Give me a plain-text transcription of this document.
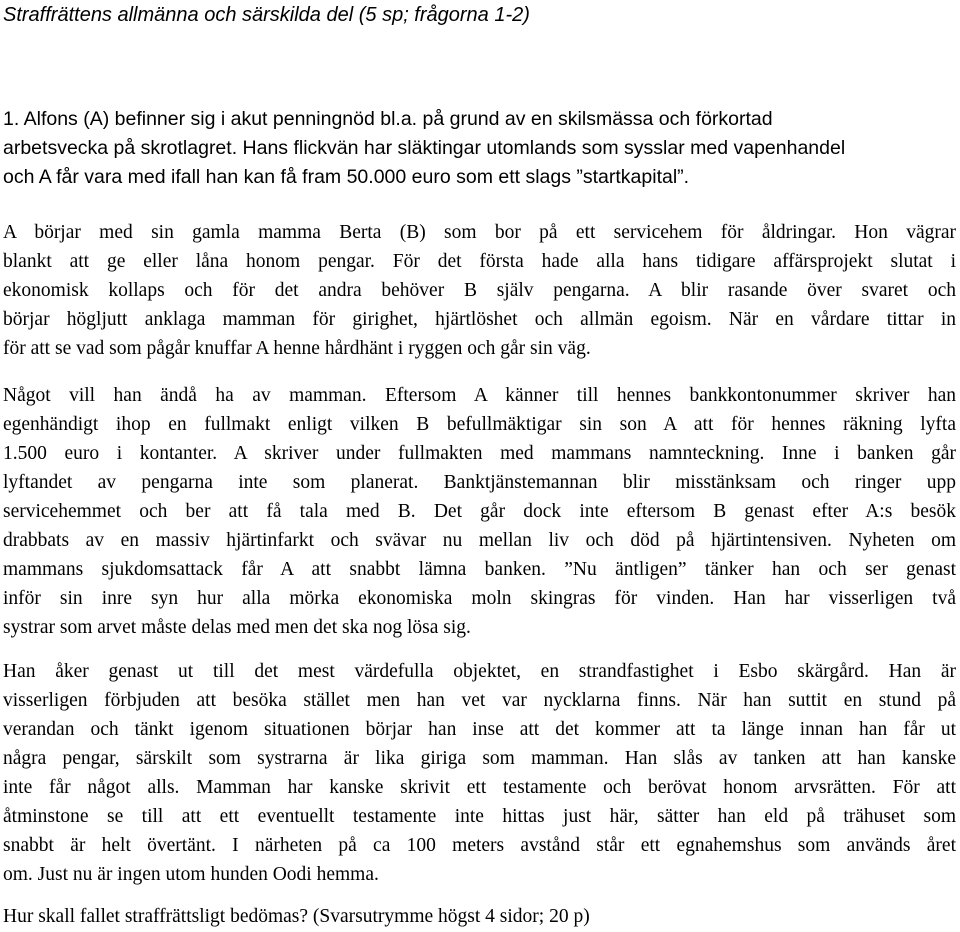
Straffrättens allmänna och särskilda del (5 sp; frågorna 1-2)

1. Alfons (A) befinner sig i akut penningnöd bl.a. på grund av en skilsmässa och förkortad
arbetsvecka på skrotlagret. Hans flickvän har släktingar utomlands som sysslar med vapenhandel
och A får vara med ifall han kan få fram 50.000 euro som ett slags ”startkapital”.

A börjar med sin gamla mamma Berta (B) som bor på ett servicehem för åldringar. Hon vägrar
blankt att ge eller låna honom pengar. För det första hade alla hans tidigare affärsprojekt slutat i
ekonomisk kollaps och för det andra behöver B själv pengarna. A blir rasande över svaret och
börjar högljutt anklaga mamman för girighet, hjärtlöshet och allmän egoism. När en vårdare tittar in
för att se vad som pågår knuffar A henne hårdhänt i ryggen och går sin väg.

Något vill han ändå ha av mamman. Eftersom A känner till hennes bankkontonummer skriver han
egenhändigt ihop en fullmakt enligt vilken B befullmäktigar sin son A att för hennes räkning lyfta
1.500 euro i kontanter. A skriver under fullmakten med mammans namnteckning. Inne i banken går
lyftandet av pengarna inte som planerat. Banktjänstemannan blir misstänksam och ringer upp
servicehemmet och ber att få tala med B. Det går dock inte eftersom B genast efter A:s besök
drabbats av en massiv hjärtinfarkt och svävar nu mellan liv och död på hjärtintensiven. Nyheten om
mammans sjukdomsattack får A att snabbt lämna banken. ”Nu äntligen” tänker han och ser genast
inför sin inre syn hur alla mörka ekonomiska moln skingras för vinden. Han har visserligen två
systrar som arvet måste delas med men det ska nog lösa sig.

Han åker genast ut till det mest värdefulla objektet, en strandfastighet i Esbo skärgård. Han är
visserligen förbjuden att besöka stället men han vet var nycklarna finns. När han suttit en stund på
verandan och tänkt igenom situationen börjar han inse att det kommer att ta länge innan han får ut
några pengar, särskilt som systrarna är lika giriga som mamman. Han slås av tanken att han kanske
inte får något alls. Mamman har kanske skrivit ett testamente och berövat honom arvsrätten. För att
åtminstone se till att ett eventuellt testamente inte hittas just här, sätter han eld på trähuset som
snabbt är helt övertänt. I närheten på ca 100 meters avstånd står ett egnahemshus som används året
om. Just nu är ingen utom hunden Oodi hemma.

Hur skall fallet straffrättsligt bedömas? (Svarsutrymme högst 4 sidor; 20 p)
